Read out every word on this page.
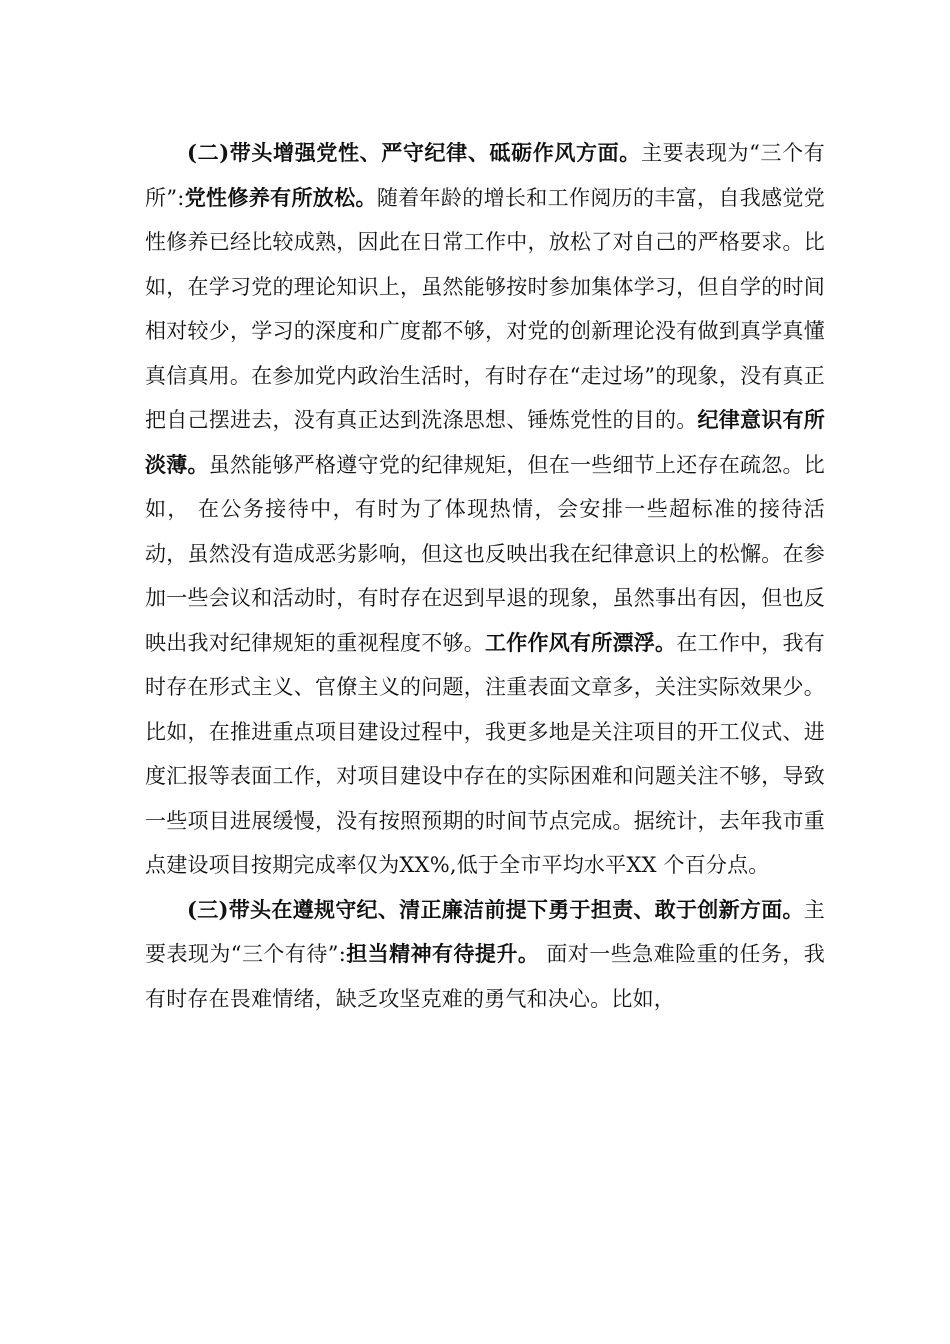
(二)带头增强党性、严守纪律、砥砺作风方面。主要表现为“三个有所”:党性修养有所放松。随着年龄的增长和工作阅历的丰富，自我感觉党性修养已经比较成熟，因此在日常工作中，放松了对自己的严格要求。比如，在学习党的理论知识上，虽然能够按时参加集体学习，但自学的时间相对较少，学习的深度和广度都不够，对党的创新理论没有做到真学真懂真信真用。在参加党内政治生活时，有时存在“走过场”的现象，没有真正把自己摆进去，没有真正达到洗涤思想、锤炼党性的目的。纪律意识有所淡薄。虽然能够严格遵守党的纪律规矩，但在一些细节上还存在疏忽。比如， 在公务接待中，有时为了体现热情，会安排一些超标准的接待活动，虽然没有造成恶劣影响，但这也反映出我在纪律意识上的松懈。在参加一些会议和活动时，有时存在迟到早退的现象，虽然事出有因，但也反映出我对纪律规矩的重视程度不够。工作作风有所漂浮。在工作中，我有时存在形式主义、官僚主义的问题，注重表面文章多，关注实际效果少。 比如，在推进重点项目建设过程中，我更多地是关注项目的开工仪式、进度汇报等表面工作，对项目建设中存在的实际困难和问题关注不够，导致一些项目进展缓慢，没有按照预期的时间节点完成。据统计，去年我市重点建设项目按期完成率仅为XX%,低于全市平均水平XX 个百分点。

(三)带头在遵规守纪、清正廉洁前提下勇于担责、敢于创新方面。主要表现为“三个有待”:担当精神有待提升。 面对一些急难险重的任务，我有时存在畏难情绪，缺乏攻坚克难的勇气和决心。比如，
